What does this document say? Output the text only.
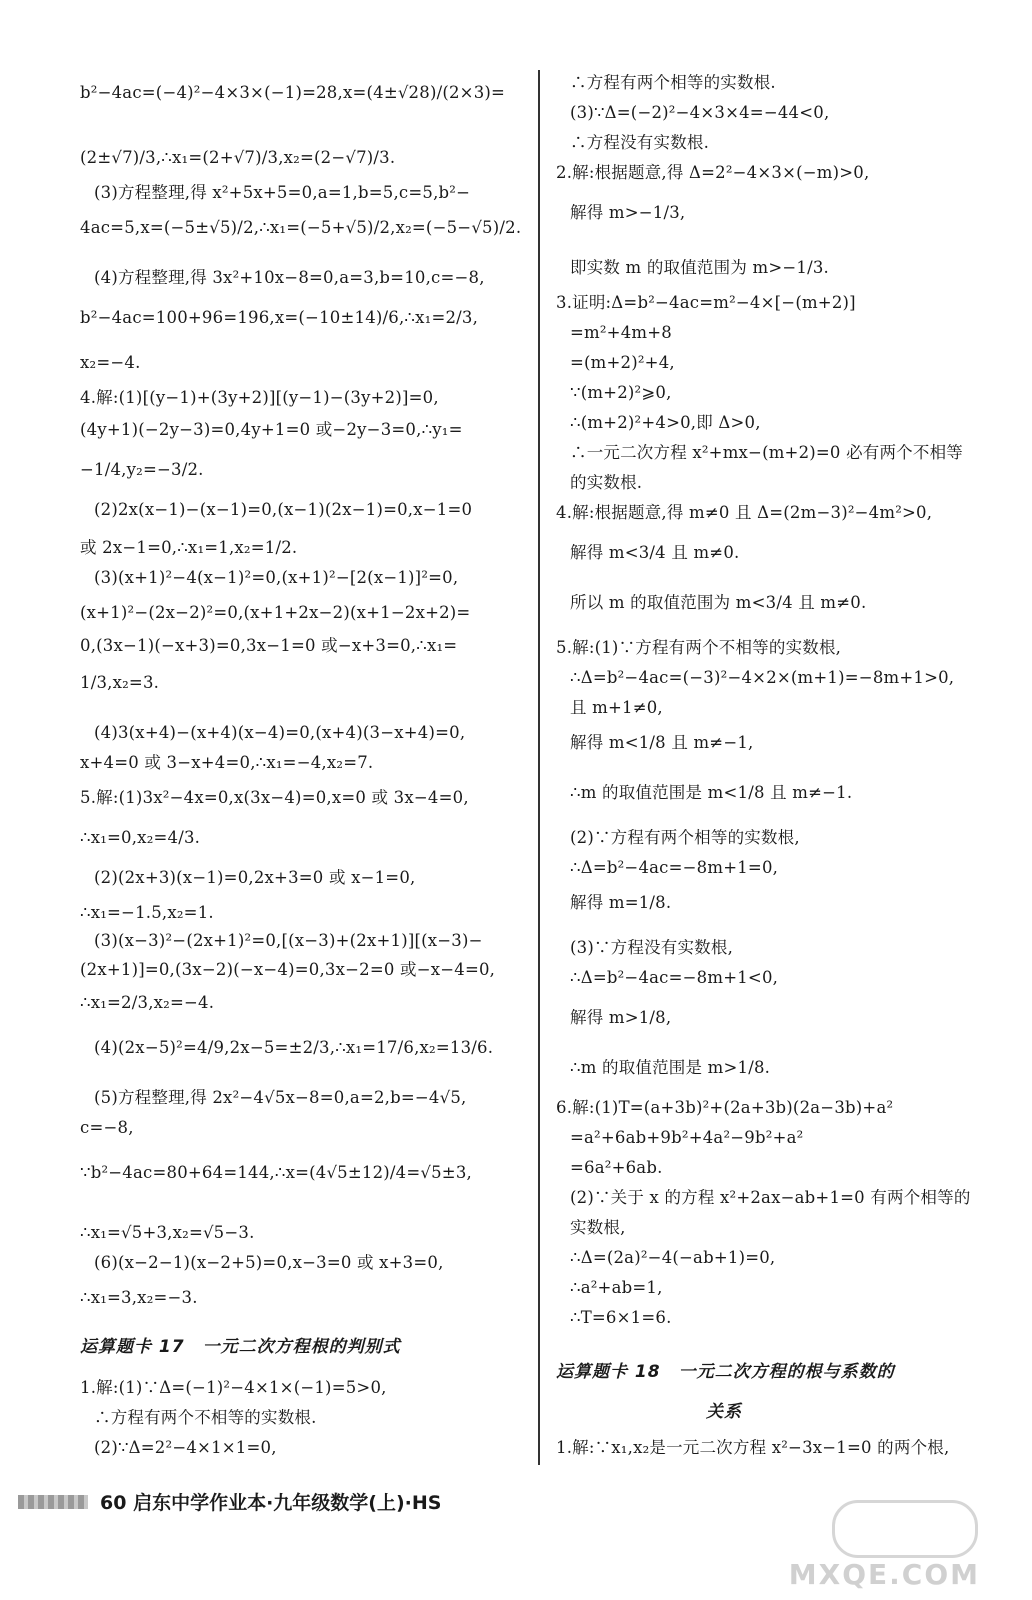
b²−4ac=(−4)²−4×3×(−1)=28,x=(4±√28)/(2×3)=
(2±√7)/3,∴x₁=(2+√7)/3,x₂=(2−√7)/3.
(3)方程整理,得 x²+5x+5=0,a=1,b=5,c=5,b²−
4ac=5,x=(−5±√5)/2,∴x₁=(−5+√5)/2,x₂=(−5−√5)/2.
(4)方程整理,得 3x²+10x−8=0,a=3,b=10,c=−8,
b²−4ac=100+96=196,x=(−10±14)/6,∴x₁=2/3,
x₂=−4.
4.解:(1)[(y−1)+(3y+2)][(y−1)−(3y+2)]=0,
(4y+1)(−2y−3)=0,4y+1=0 或−2y−3=0,∴y₁=
−1/4,y₂=−3/2.
(2)2x(x−1)−(x−1)=0,(x−1)(2x−1)=0,x−1=0
或 2x−1=0,∴x₁=1,x₂=1/2.
(3)(x+1)²−4(x−1)²=0,(x+1)²−[2(x−1)]²=0,
(x+1)²−(2x−2)²=0,(x+1+2x−2)(x+1−2x+2)=
0,(3x−1)(−x+3)=0,3x−1=0 或−x+3=0,∴x₁=
1/3,x₂=3.
(4)3(x+4)−(x+4)(x−4)=0,(x+4)(3−x+4)=0,
x+4=0 或 3−x+4=0,∴x₁=−4,x₂=7.
5.解:(1)3x²−4x=0,x(3x−4)=0,x=0 或 3x−4=0,
∴x₁=0,x₂=4/3.
(2)(2x+3)(x−1)=0,2x+3=0 或 x−1=0,
∴x₁=−1.5,x₂=1.
(3)(x−3)²−(2x+1)²=0,[(x−3)+(2x+1)][(x−3)−
(2x+1)]=0,(3x−2)(−x−4)=0,3x−2=0 或−x−4=0,
∴x₁=2/3,x₂=−4.
(4)(2x−5)²=4/9,2x−5=±2/3,∴x₁=17/6,x₂=13/6.
(5)方程整理,得 2x²−4√5x−8=0,a=2,b=−4√5,
c=−8,
∵b²−4ac=80+64=144,∴x=(4√5±12)/4=√5±3,
∴x₁=√5+3,x₂=√5−3.
(6)(x−2−1)(x−2+5)=0,x−3=0 或 x+3=0,
∴x₁=3,x₂=−3.
运算题卡 17　一元二次方程根的判别式
1.解:(1)∵Δ=(−1)²−4×1×(−1)=5>0,
∴方程有两个不相等的实数根.
(2)∵Δ=2²−4×1×1=0,
∴方程有两个相等的实数根.
(3)∵Δ=(−2)²−4×3×4=−44<0,
∴方程没有实数根.
2.解:根据题意,得 Δ=2²−4×3×(−m)>0,
解得 m>−1/3,
即实数 m 的取值范围为 m>−1/3.
3.证明:Δ=b²−4ac=m²−4×[−(m+2)]
=m²+4m+8
=(m+2)²+4,
∵(m+2)²⩾0,
∴(m+2)²+4>0,即 Δ>0,
∴一元二次方程 x²+mx−(m+2)=0 必有两个不相等
的实数根.
4.解:根据题意,得 m≠0 且 Δ=(2m−3)²−4m²>0,
解得 m<3/4 且 m≠0.
所以 m 的取值范围为 m<3/4 且 m≠0.
5.解:(1)∵方程有两个不相等的实数根,
∴Δ=b²−4ac=(−3)²−4×2×(m+1)=−8m+1>0,
且 m+1≠0,
解得 m<1/8 且 m≠−1,
∴m 的取值范围是 m<1/8 且 m≠−1.
(2)∵方程有两个相等的实数根,
∴Δ=b²−4ac=−8m+1=0,
解得 m=1/8.
(3)∵方程没有实数根,
∴Δ=b²−4ac=−8m+1<0,
解得 m>1/8,
∴m 的取值范围是 m>1/8.
6.解:(1)T=(a+3b)²+(2a+3b)(2a−3b)+a²
=a²+6ab+9b²+4a²−9b²+a²
=6a²+6ab.
(2)∵关于 x 的方程 x²+2ax−ab+1=0 有两个相等的
实数根,
∴Δ=(2a)²−4(−ab+1)=0,
∴a²+ab=1,
∴T=6×1=6.
运算题卡 18　一元二次方程的根与系数的
关系
1.解:∵x₁,x₂是一元二次方程 x²−3x−1=0 的两个根,
60 启东中学作业本·九年级数学(上)·HS
MXQE.COM
